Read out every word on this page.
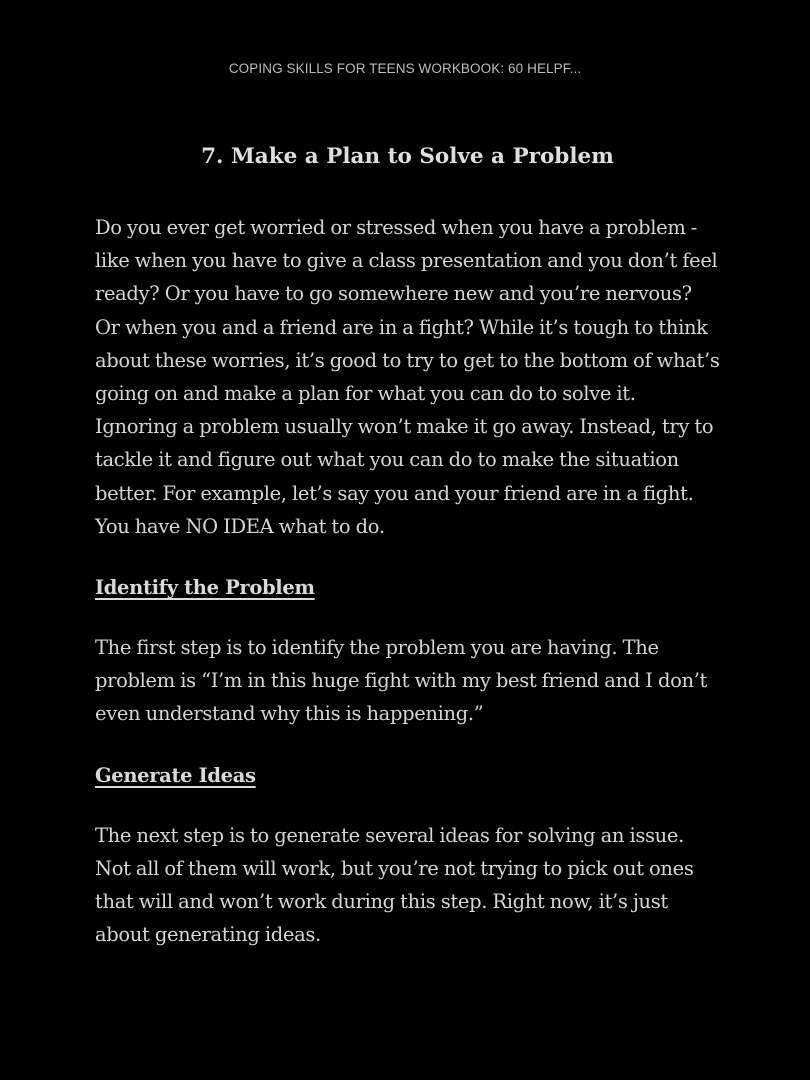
COPING SKILLS FOR TEENS WORKBOOK: 60 HELPF...
7. Make a Plan to Solve a Problem

Do you ever get worried or stressed when you have a problem - like when you have to give a class presentation and you don’t feel ready? Or you have to go somewhere new and you’re nervous? Or when you and a friend are in a fight? While it’s tough to think about these worries, it’s good to try to get to the bottom of what’s going on and make a plan for what you can do to solve it. Ignoring a problem usually won’t make it go away. Instead, try to tackle it and figure out what you can do to make the situation better. For example, let’s say you and your friend are in a fight. You have NO IDEA what to do.

Identify the Problem

The first step is to identify the problem you are having. The problem is “I’m in this huge fight with my best friend and I don’t even understand why this is happening.”

Generate Ideas

The next step is to generate several ideas for solving an issue. Not all of them will work, but you’re not trying to pick out ones that will and won’t work during this step. Right now, it’s just about generating ideas.
